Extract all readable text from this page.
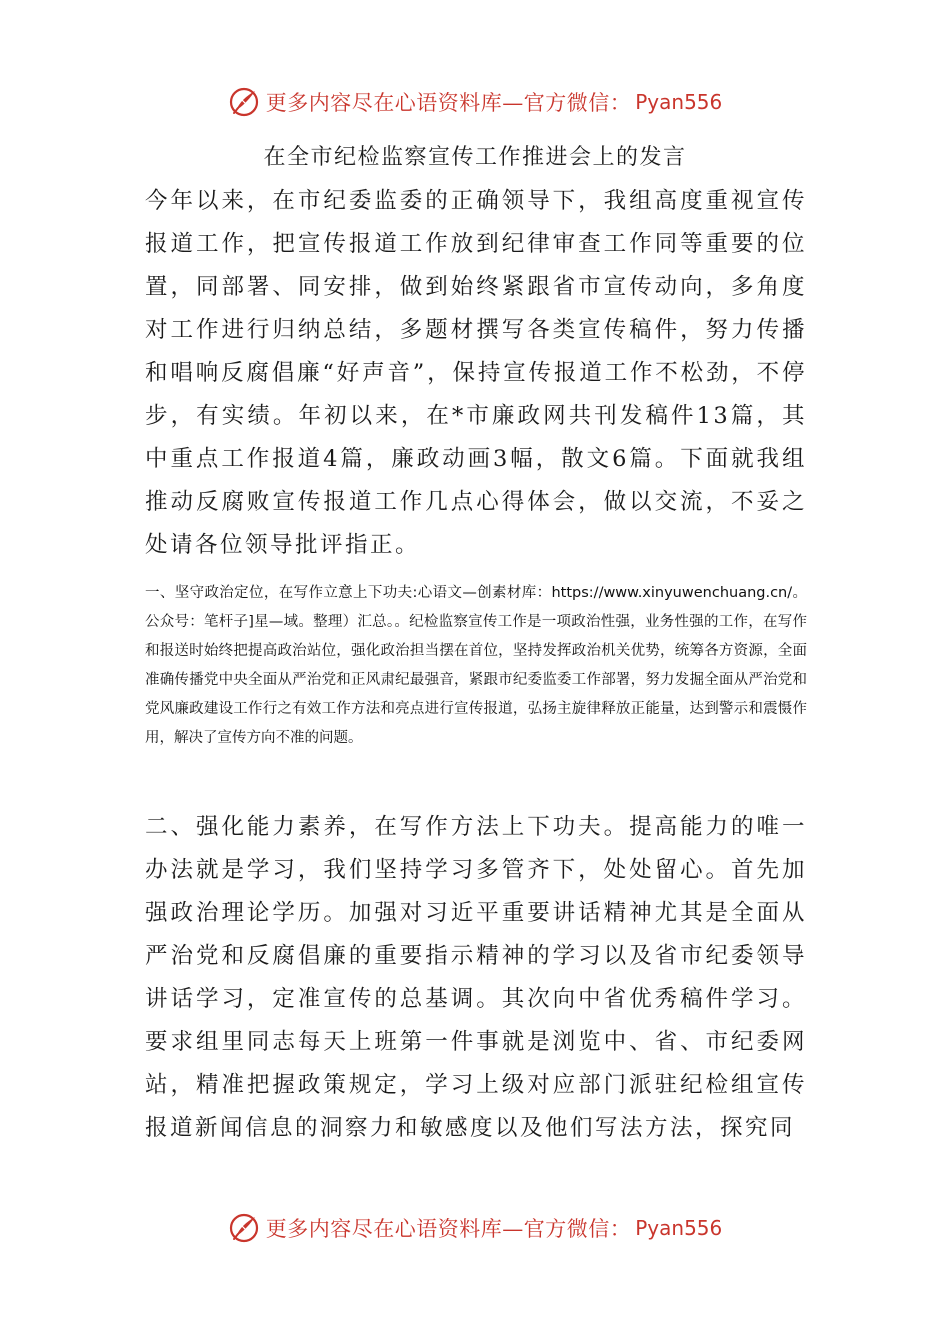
更多内容尽在心语资料库—官方微信： Pyan556
在全市纪检监察宣传工作推进会上的发言

今年以来，在市纪委监委的正确领导下，我组高度重视宣传报道工作，把宣传报道工作放到纪律审查工作同等重要的位置，同部署、同安排，做到始终紧跟省市宣传动向，多角度对工作进行归纳总结，多题材撰写各类宣传稿件，努力传播和唱响反腐倡廉“好声音”，保持宣传报道工作不松劲，不停步，有实绩。年初以来，在*市廉政网共刊发稿件13篇，其中重点工作报道4篇，廉政动画3幅，散文6篇。下面就我组推动反腐败宣传报道工作几点心得体会，做以交流，不妥之处请各位领导批评指正。

一、坚守政治定位，在写作立意上下功夫:心语文—创素材库：https://www.xinyuwenchuang.cn/。公众号：笔杆子]星—域。整理）汇总。。纪检监察宣传工作是一项政治性强，业务性强的工作，在写作和报送时始终把提高政治站位，强化政治担当摆在首位，坚持发挥政治机关优势，统筹各方资源，全面准确传播党中央全面从严治党和正风肃纪最强音，紧跟市纪委监委工作部署，努力发掘全面从严治党和党风廉政建设工作行之有效工作方法和亮点进行宣传报道，弘扬主旋律释放正能量，达到警示和震慑作用，解决了宣传方向不准的问题。

二、强化能力素养，在写作方法上下功夫。提高能力的唯一办法就是学习，我们坚持学习多管齐下，处处留心。首先加强政治理论学历。加强对习近平重要讲话精神尤其是全面从严治党和反腐倡廉的重要指示精神的学习以及省市纪委领导讲话学习，定准宣传的总基调。其次向中省优秀稿件学习。要求组里同志每天上班第一件事就是浏览中、省、市纪委网站，精准把握政策规定，学习上级对应部门派驻纪检组宣传报道新闻信息的洞察力和敏感度以及他们写法方法，探究同

更多内容尽在心语资料库—官方微信： Pyan556
